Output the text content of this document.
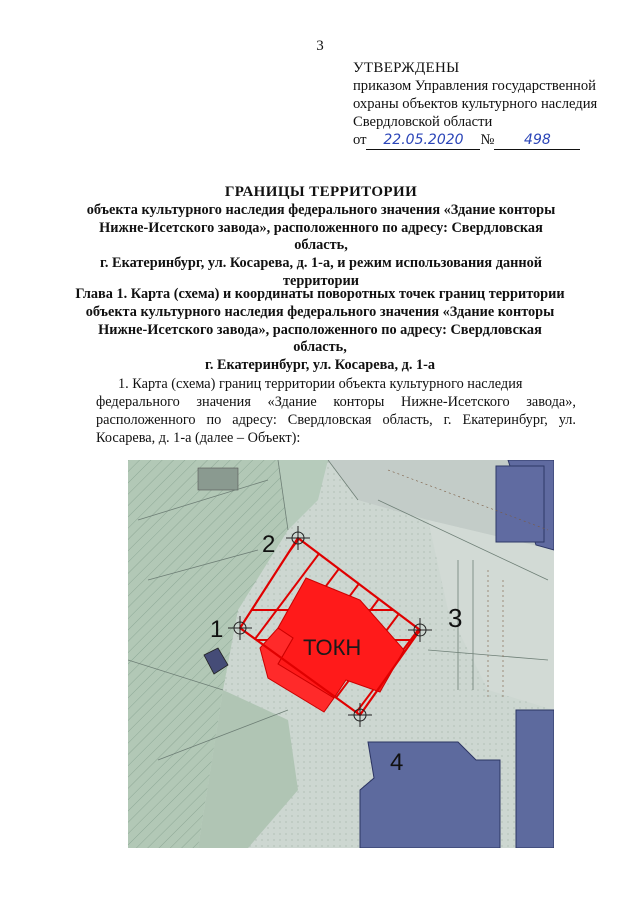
3
УТВЕРЖДЕНЫ
приказом Управления государственной
охраны объектов культурного наследия
Свердловской области
от 22.05.2020 № 498
ГРАНИЦЫ ТЕРРИТОРИИ
объекта культурного наследия федерального значения «Здание конторы
Нижне-Исетского завода», расположенного по адресу: Свердловская область,
г. Екатеринбург, ул. Косарева, д. 1-а, и режим использования данной
территории
Глава 1. Карта (схема) и координаты поворотных точек границ территории
объекта культурного наследия федерального значения «Здание конторы
Нижне-Исетского завода», расположенного по адресу: Свердловская область,
г. Екатеринбург, ул. Косарева, д. 1-а
1. Карта (схема) границ территории объекта культурного наследия
федерального значения «Здание конторы Нижне-Исетского завода», расположенного по адресу: Свердловская область, г. Екатеринбург, ул. Косарева, д. 1-а (далее – Объект):
ТОКН
1
2
3
4
